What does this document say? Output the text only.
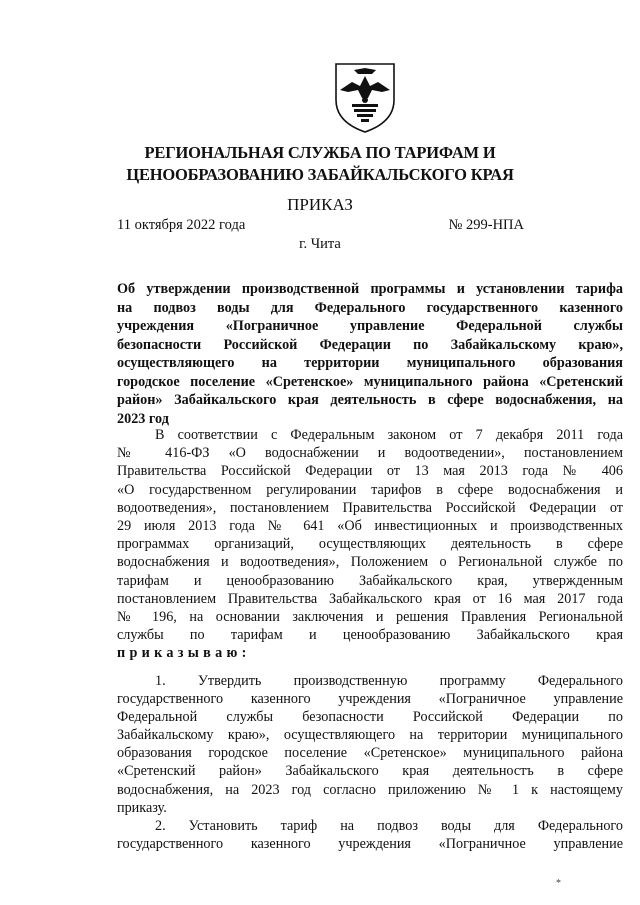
РЕГИОНАЛЬНАЯ СЛУЖБА ПО ТАРИФАМ И
ЦЕНООБРАЗОВАНИЮ ЗАБАЙКАЛЬСКОГО КРАЯ
ПРИКАЗ
11 октября 2022 года	№ 299-НПА
г. Чита
Об утверждении производственной программы и установлении тарифа
на подвоз воды для Федерального государственного казенного
учреждения «Пограничное управление Федеральной службы
безопасности Российской Федерации по Забайкальскому краю»,
осуществляющего на территории муниципального образования
городское поселение «Сретенское» муниципального района «Сретенский
район» Забайкальского края деятельность в сфере водоснабжения, на
2023 год
В соответствии с Федеральным законом от 7 декабря 2011 года
№ 416-ФЗ «О водоснабжении и водоотведении», постановлением
Правительства Российской Федерации от 13 мая 2013 года № 406
«О государственном регулировании тарифов в сфере водоснабжения и
водоотведения», постановлением Правительства Российской Федерации от
29 июля 2013 года № 641 «Об инвестиционных и производственных
программах организаций, осуществляющих деятельность в сфере
водоснабжения и водоотведения», Положением о Региональной службе по
тарифам и ценообразованию Забайкальского края, утвержденным
постановлением Правительства Забайкальского края от 16 мая 2017 года
№ 196, на основании заключения и решения Правления Региональной
службы по тарифам и ценообразованию Забайкальского края
приказываю:
1. Утвердить производственную программу Федерального
государственного казенного учреждения «Пограничное управление
Федеральной службы безопасности Российской Федерации по
Забайкальскому краю», осуществляющего на территории муниципального
образования городское поселение «Сретенское» муниципального района
«Сретенский район» Забайкальского края деятельностъ в сфере
водоснабжения, на 2023 год согласно приложению № 1 к настоящему
приказу.
2. Установить тариф на подвоз воды для Федерального
государственного казенного учреждения «Пограничное управление
*
